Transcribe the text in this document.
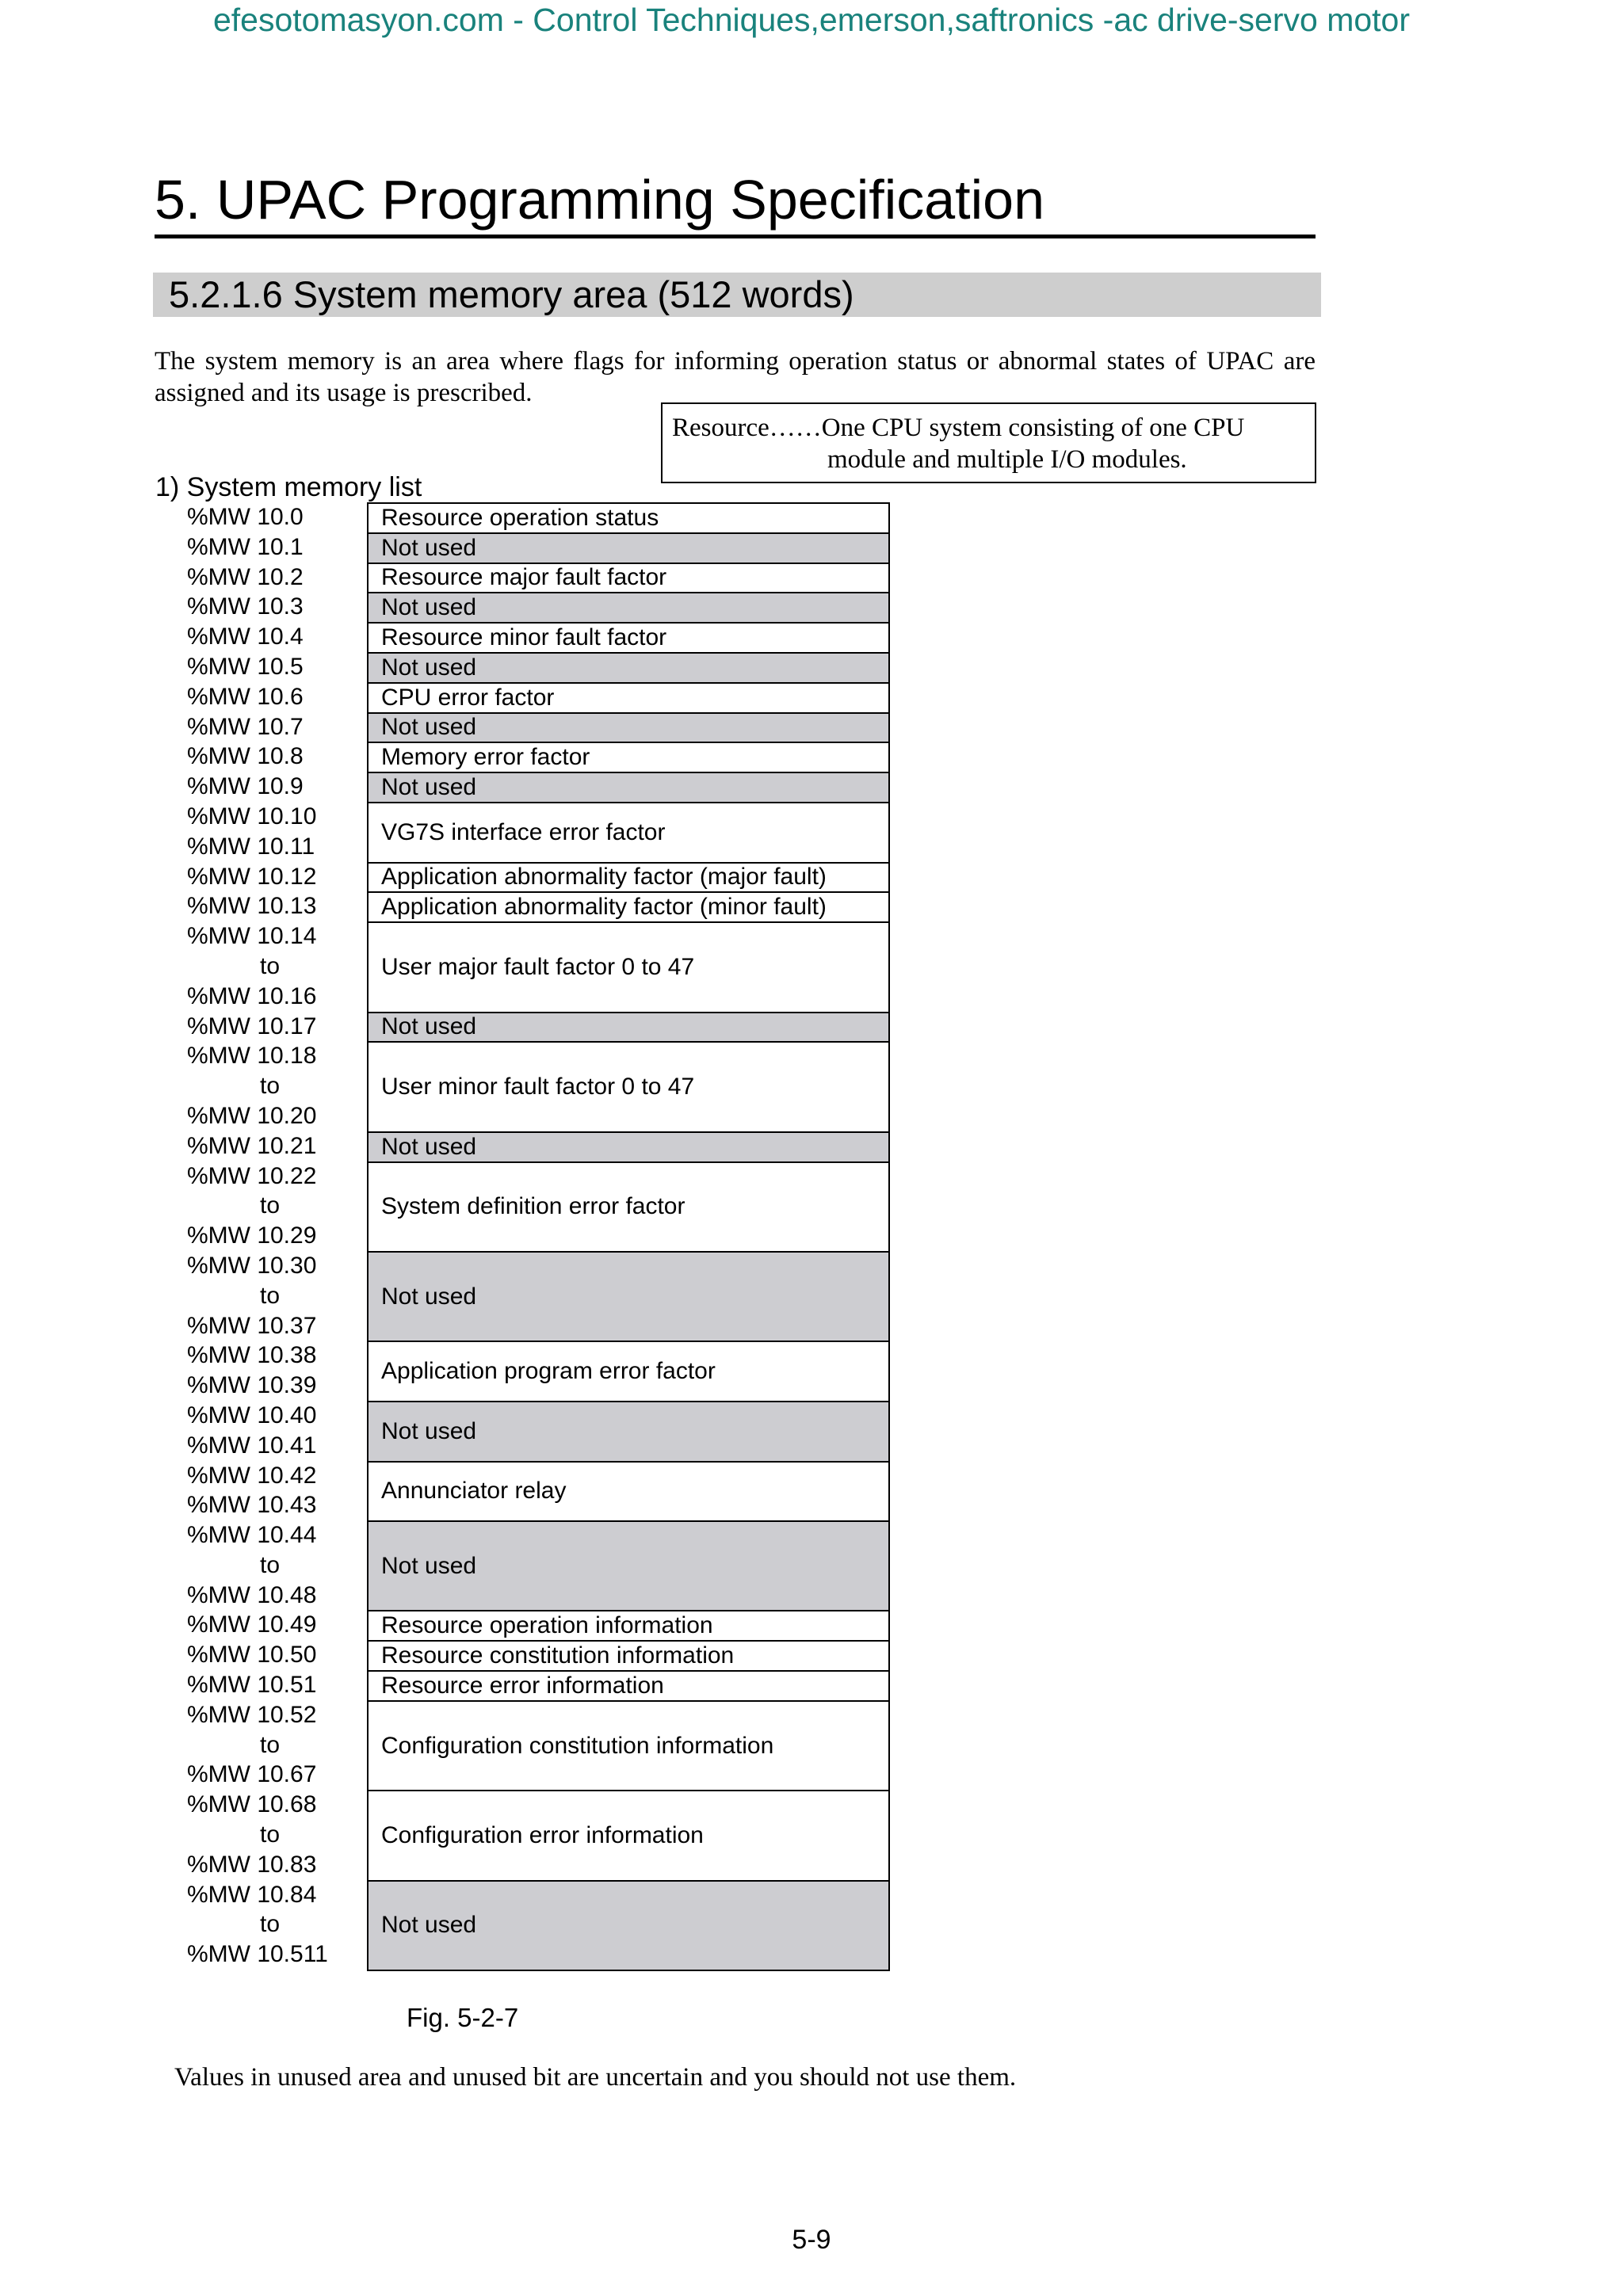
efesotomasyon.com - Control Techniques,emerson,saftronics -ac drive-servo motor
5. UPAC Programming Specification
5.2.1.6 System memory area (512 words)
The system memory is an area where flags for informing operation status or abnormal states of UPAC are assigned and its usage is prescribed.
Resource……One CPU system consisting of one CPU
module and multiple I/O modules.
1) System memory list
%MW 10.0
%MW 10.1
%MW 10.2
%MW 10.3
%MW 10.4
%MW 10.5
%MW 10.6
%MW 10.7
%MW 10.8
%MW 10.9
%MW 10.10
%MW 10.11
%MW 10.12
%MW 10.13
%MW 10.14
to
%MW 10.16
%MW 10.17
%MW 10.18
to
%MW 10.20
%MW 10.21
%MW 10.22
to
%MW 10.29
%MW 10.30
to
%MW 10.37
%MW 10.38
%MW 10.39
%MW 10.40
%MW 10.41
%MW 10.42
%MW 10.43
%MW 10.44
to
%MW 10.48
%MW 10.49
%MW 10.50
%MW 10.51
%MW 10.52
to
%MW 10.67
%MW 10.68
to
%MW 10.83
%MW 10.84
to
%MW 10.511
Resource operation status
Not used
Resource major fault factor
Not used
Resource minor fault factor
Not used
CPU error factor
Not used
Memory error factor
Not used
VG7S interface error factor
Application abnormality factor (major fault)
Application abnormality factor (minor fault)
User major fault factor 0 to 47
Not used
User minor fault factor 0 to 47
Not used
System definition error factor
Not used
Application program error factor
Not used
Annunciator relay
Not used
Resource operation information
Resource constitution information
Resource error information
Configuration constitution information
Configuration error information
Not used
Fig. 5-2-7
Values in unused area and unused bit are uncertain and you should not use them.
5-9
